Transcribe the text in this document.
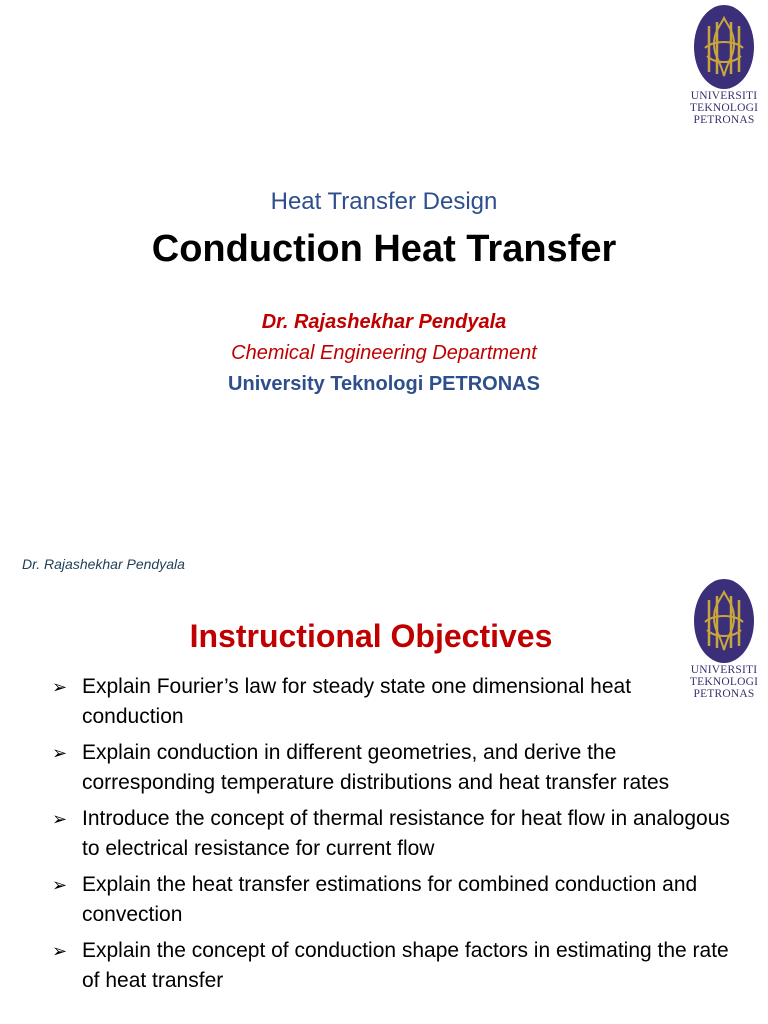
UNIVERSITI
TEKNOLOGI
PETRONAS
Heat Transfer Design
Conduction Heat Transfer
Dr. Rajashekhar Pendyala
Chemical Engineering Department
University Teknologi PETRONAS
Dr. Rajashekhar Pendyala
UNIVERSITI
TEKNOLOGI
PETRONAS
Instructional Objectives
➢ Explain Fourier’s law for steady state one dimensional heat conduction
➢ Explain conduction in different geometries, and derive the corresponding temperature distributions and heat transfer rates
➢ Introduce the concept of thermal resistance for heat flow in analogous to electrical resistance for current flow
➢ Explain the heat transfer estimations for combined conduction and convection
➢ Explain the concept of conduction shape factors in estimating the rate of heat transfer
